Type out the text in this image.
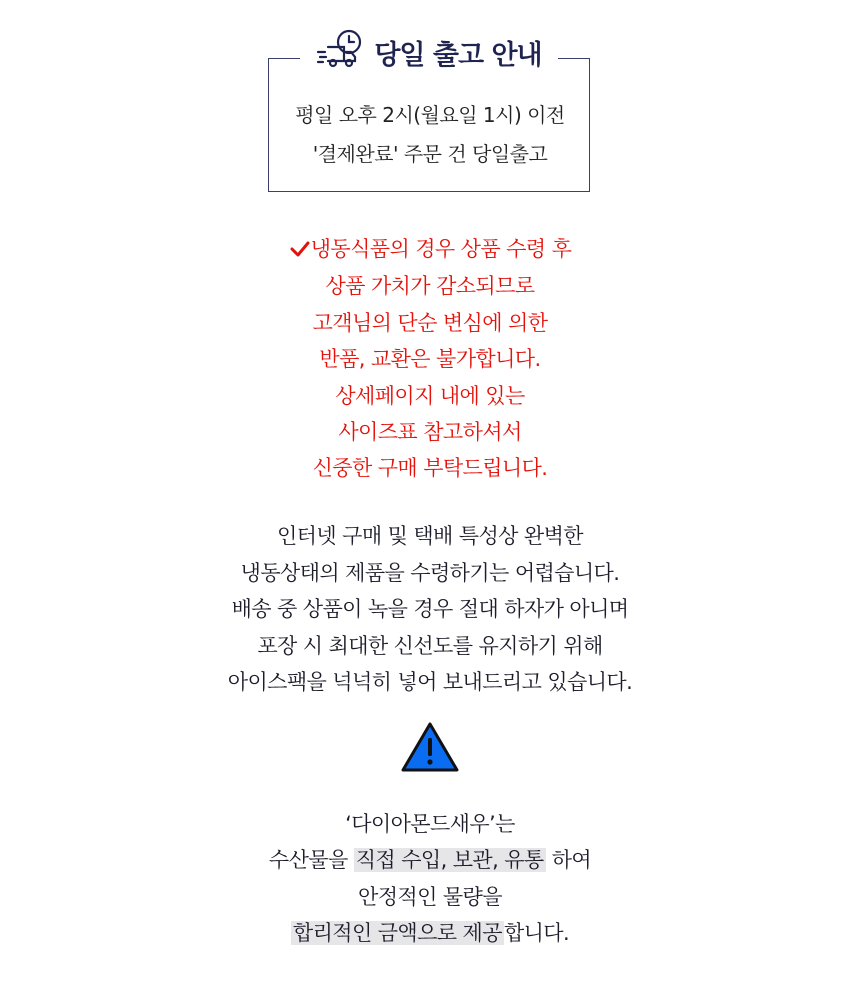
당일 출고 안내
평일 오후 2시(월요일 1시) 이전
'결제완료' 주문 건 당일출고
냉동식품의 경우 상품 수령 후
상품 가치가 감소되므로
고객님의 단순 변심에 의한
반품, 교환은 불가합니다.
상세페이지 내에 있는
사이즈표 참고하셔서
신중한 구매 부탁드립니다.
인터넷 구매 및 택배 특성상 완벽한
냉동상태의 제품을 수령하기는 어렵습니다.
배송 중 상품이 녹을 경우 절대 하자가 아니며
포장 시 최대한 신선도를 유지하기 위해
아이스팩을 넉넉히 넣어 보내드리고 있습니다.
‘다이아몬드새우’는
수산물을 직접 수입, 보관, 유통 하여
안정적인 물량을
합리적인 금액으로 제공합니다.
